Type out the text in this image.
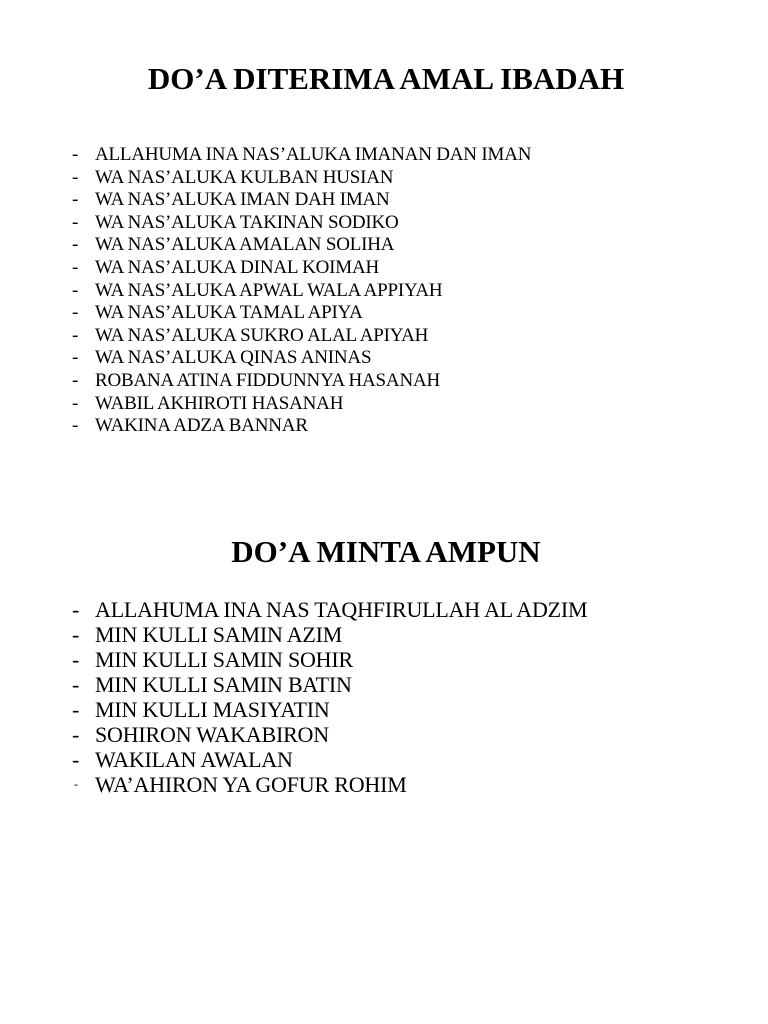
DO’A DITERIMA AMAL IBADAH
- ALLAHUMA INA NAS’ALUKA IMANAN DAN IMAN
- WA NAS’ALUKA KULBAN HUSIAN
- WA NAS’ALUKA IMAN DAH IMAN
- WA NAS’ALUKA TAKINAN SODIKO
- WA NAS’ALUKA AMALAN SOLIHA
- WA NAS’ALUKA DINAL KOIMAH
- WA NAS’ALUKA APWAL WALA APPIYAH
- WA NAS’ALUKA TAMAL APIYA
- WA NAS’ALUKA SUKRO ALAL APIYAH
- WA NAS’ALUKA QINAS ANINAS
- ROBANA ATINA FIDDUNNYA HASANAH
- WABIL AKHIROTI HASANAH
- WAKINA ADZA BANNAR
DO’A MINTA AMPUN
- ALLAHUMA INA NAS TAQHFIRULLAH AL ADZIM
- MIN KULLI SAMIN AZIM
- MIN KULLI SAMIN SOHIR
- MIN KULLI SAMIN BATIN
- MIN KULLI MASIYATIN
- SOHIRON WAKABIRON
- WAKILAN AWALAN
- WA’AHIRON YA GOFUR ROHIM
